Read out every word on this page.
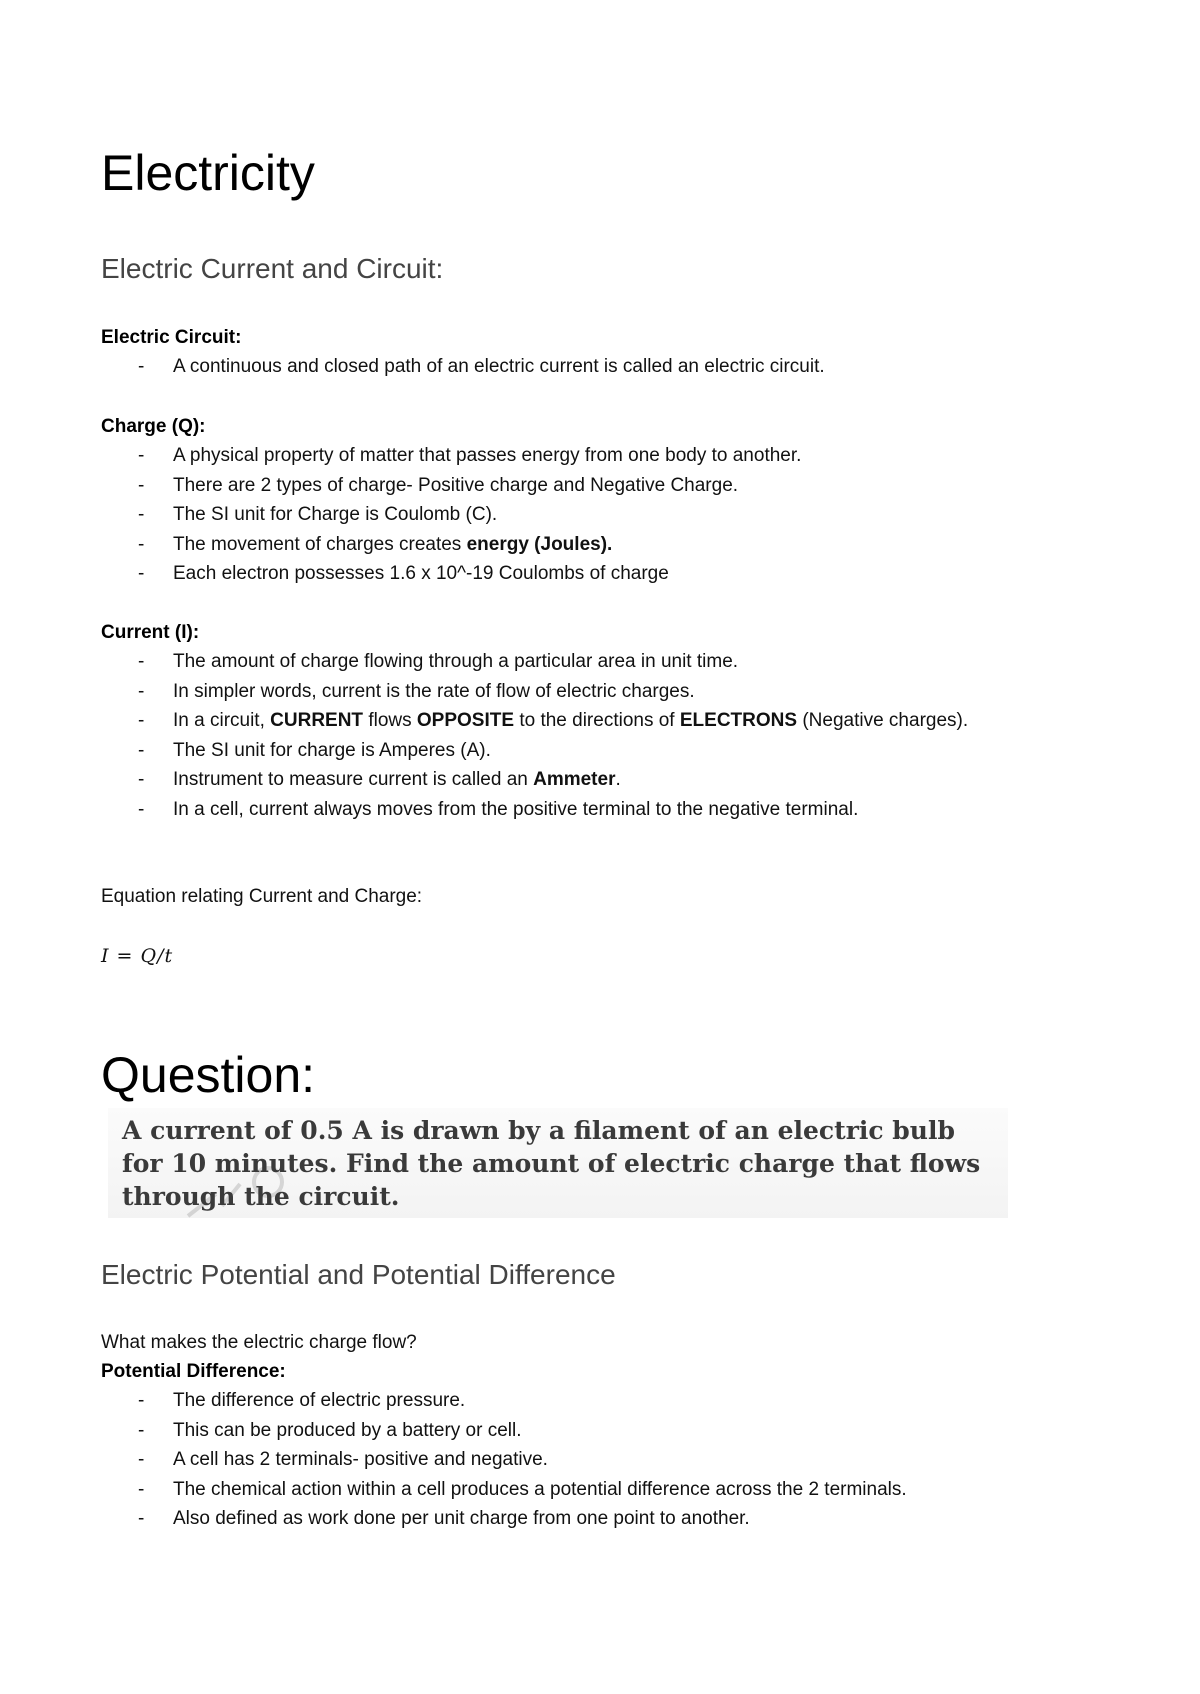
Electricity
Electric Current and Circuit:

Electric Circuit:

- A continuous and closed path of an electric current is called an electric circuit.

Charge (Q):

- A physical property of matter that passes energy from one body to another.
- There are 2 types of charge- Positive charge and Negative Charge.
- The SI unit for Charge is Coulomb (C).
- The movement of charges creates energy (Joules).
- Each electron possesses 1.6 x 10^-19 Coulombs of charge

Current (I):

- The amount of charge flowing through a particular area in unit time.
- In simpler words, current is the rate of flow of electric charges.
- In a circuit, CURRENT flows OPPOSITE to the directions of ELECTRONS (Negative charges).
- The SI unit for charge is Amperes (A).
- Instrument to measure current is called an Ammeter.
- In a cell, current always moves from the positive terminal to the negative terminal.

Equation relating Current and Charge:

I = Q/t

Question:

A current of 0.5 A is drawn by a filament of an electric bulb for 10 minutes. Find the amount of electric charge that flows through the circuit.

Electric Potential and Potential Difference

What makes the electric charge flow?

Potential Difference:

- The difference of electric pressure.
- This can be produced by a battery or cell.
- A cell has 2 terminals- positive and negative.
- The chemical action within a cell produces a potential difference across the 2 terminals.
- Also defined as work done per unit charge from one point to another.
